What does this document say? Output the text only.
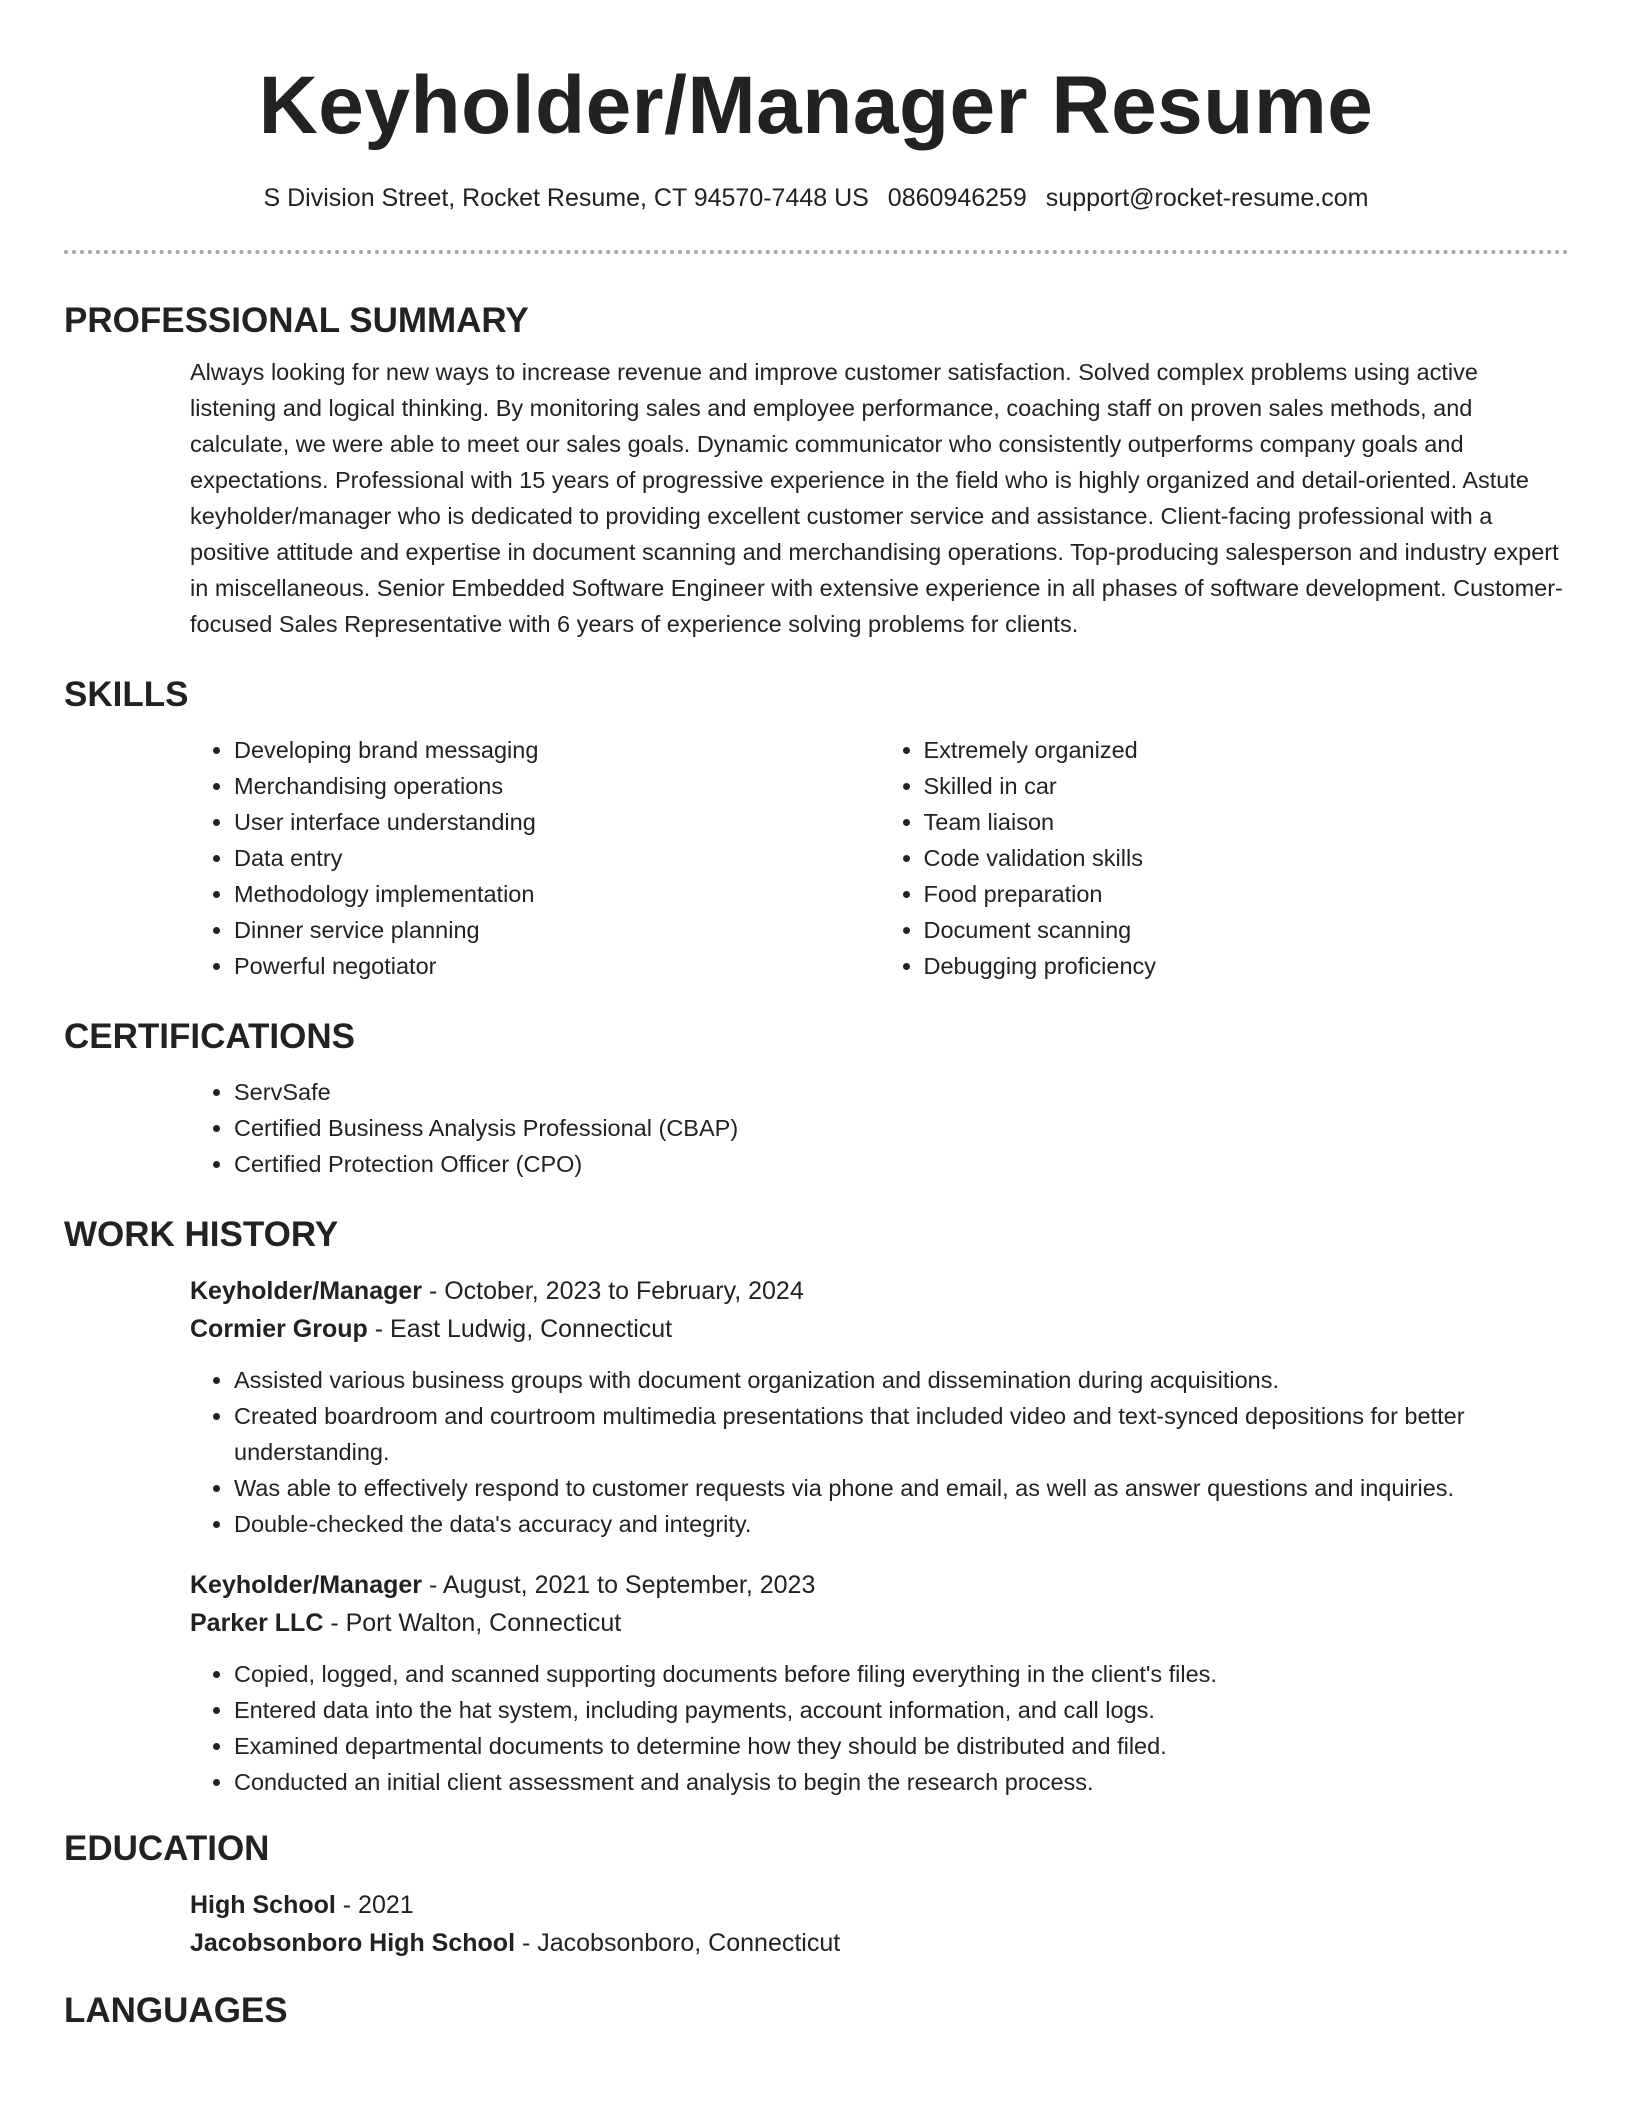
Keyholder/Manager Resume
S Division Street, Rocket Resume, CT 94570-7448 US 0860946259 support@rocket-resume.com
PROFESSIONAL SUMMARY

Always looking for new ways to increase revenue and improve customer satisfaction. Solved complex problems using active listening and logical thinking. By monitoring sales and employee performance, coaching staff on proven sales methods, and calculate, we were able to meet our sales goals. Dynamic communicator who consistently outperforms company goals and expectations. Professional with 15 years of progressive experience in the field who is highly organized and detail-oriented. Astute keyholder/manager who is dedicated to providing excellent customer service and assistance. Client-facing professional with a positive attitude and expertise in document scanning and merchandising operations. Top-producing salesperson and industry expert in miscellaneous. Senior Embedded Software Engineer with extensive experience in all phases of software development. Customer-focused Sales Representative with 6 years of experience solving problems for clients.

SKILLS
• Developing brand messaging
• Merchandising operations
• User interface understanding
• Data entry
• Methodology implementation
• Dinner service planning
• Powerful negotiator
• Extremely organized
• Skilled in car
• Team liaison
• Code validation skills
• Food preparation
• Document scanning
• Debugging proficiency
CERTIFICATIONS
• ServSafe
• Certified Business Analysis Professional (CBAP)
• Certified Protection Officer (CPO)
WORK HISTORY
Keyholder/Manager - October, 2023 to February, 2024
Cormier Group - East Ludwig, Connecticut
• Assisted various business groups with document organization and dissemination during acquisitions.
• Created boardroom and courtroom multimedia presentations that included video and text-synced depositions for better understanding.
• Was able to effectively respond to customer requests via phone and email, as well as answer questions and inquiries.
• Double-checked the data's accuracy and integrity.
Keyholder/Manager - August, 2021 to September, 2023
Parker LLC - Port Walton, Connecticut
• Copied, logged, and scanned supporting documents before filing everything in the client's files.
• Entered data into the hat system, including payments, account information, and call logs.
• Examined departmental documents to determine how they should be distributed and filed.
• Conducted an initial client assessment and analysis to begin the research process.
EDUCATION
High School - 2021
Jacobsonboro High School - Jacobsonboro, Connecticut
LANGUAGES
